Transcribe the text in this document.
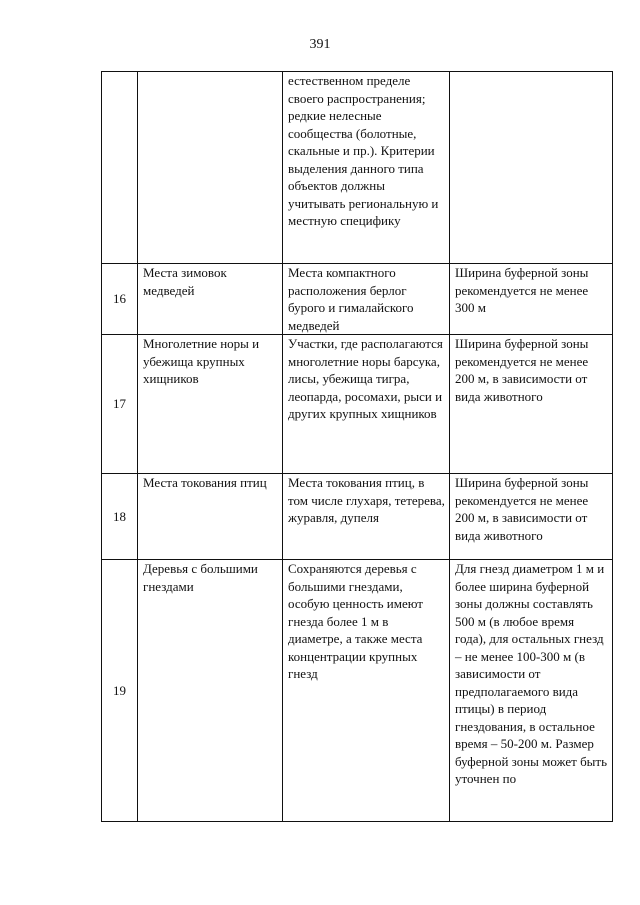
391

		естественном пределе своего распространения; редкие нелесные сообщества (болотные, скальные и пр.). Критерии выделения данного типа объектов должны учитывать региональную и местную специфику	

16	Места зимовок медведей	Места компактного расположения берлог бурого и гималайского медведей	Ширина буферной зоны рекомендуется не менее 300 м

17	Многолетние норы и убежища крупных хищников	Участки, где располагаются многолетние норы барсука, лисы, убежища тигра, леопарда, росомахи, рыси и других крупных хищников	Ширина буферной зоны рекомендуется не менее 200 м, в зависимости от вида животного

18	Места токования птиц	Места токования птиц, в том числе глухаря, тетерева, журавля, дупеля	Ширина буферной зоны рекомендуется не менее 200 м, в зависимости от вида животного

19	Деревья с большими гнездами	Сохраняются деревья с большими гнездами, особую ценность имеют гнезда более 1 м в диаметре, а также места концентрации крупных гнезд	Для гнезд диаметром 1 м и более ширина буферной зоны должны составлять 500 м (в любое время года), для остальных гнезд – не менее 100-300 м (в зависимости от предполагаемого вида птицы) в период гнездования, в остальное время – 50-200 м. Размер буферной зоны может быть уточнен по
